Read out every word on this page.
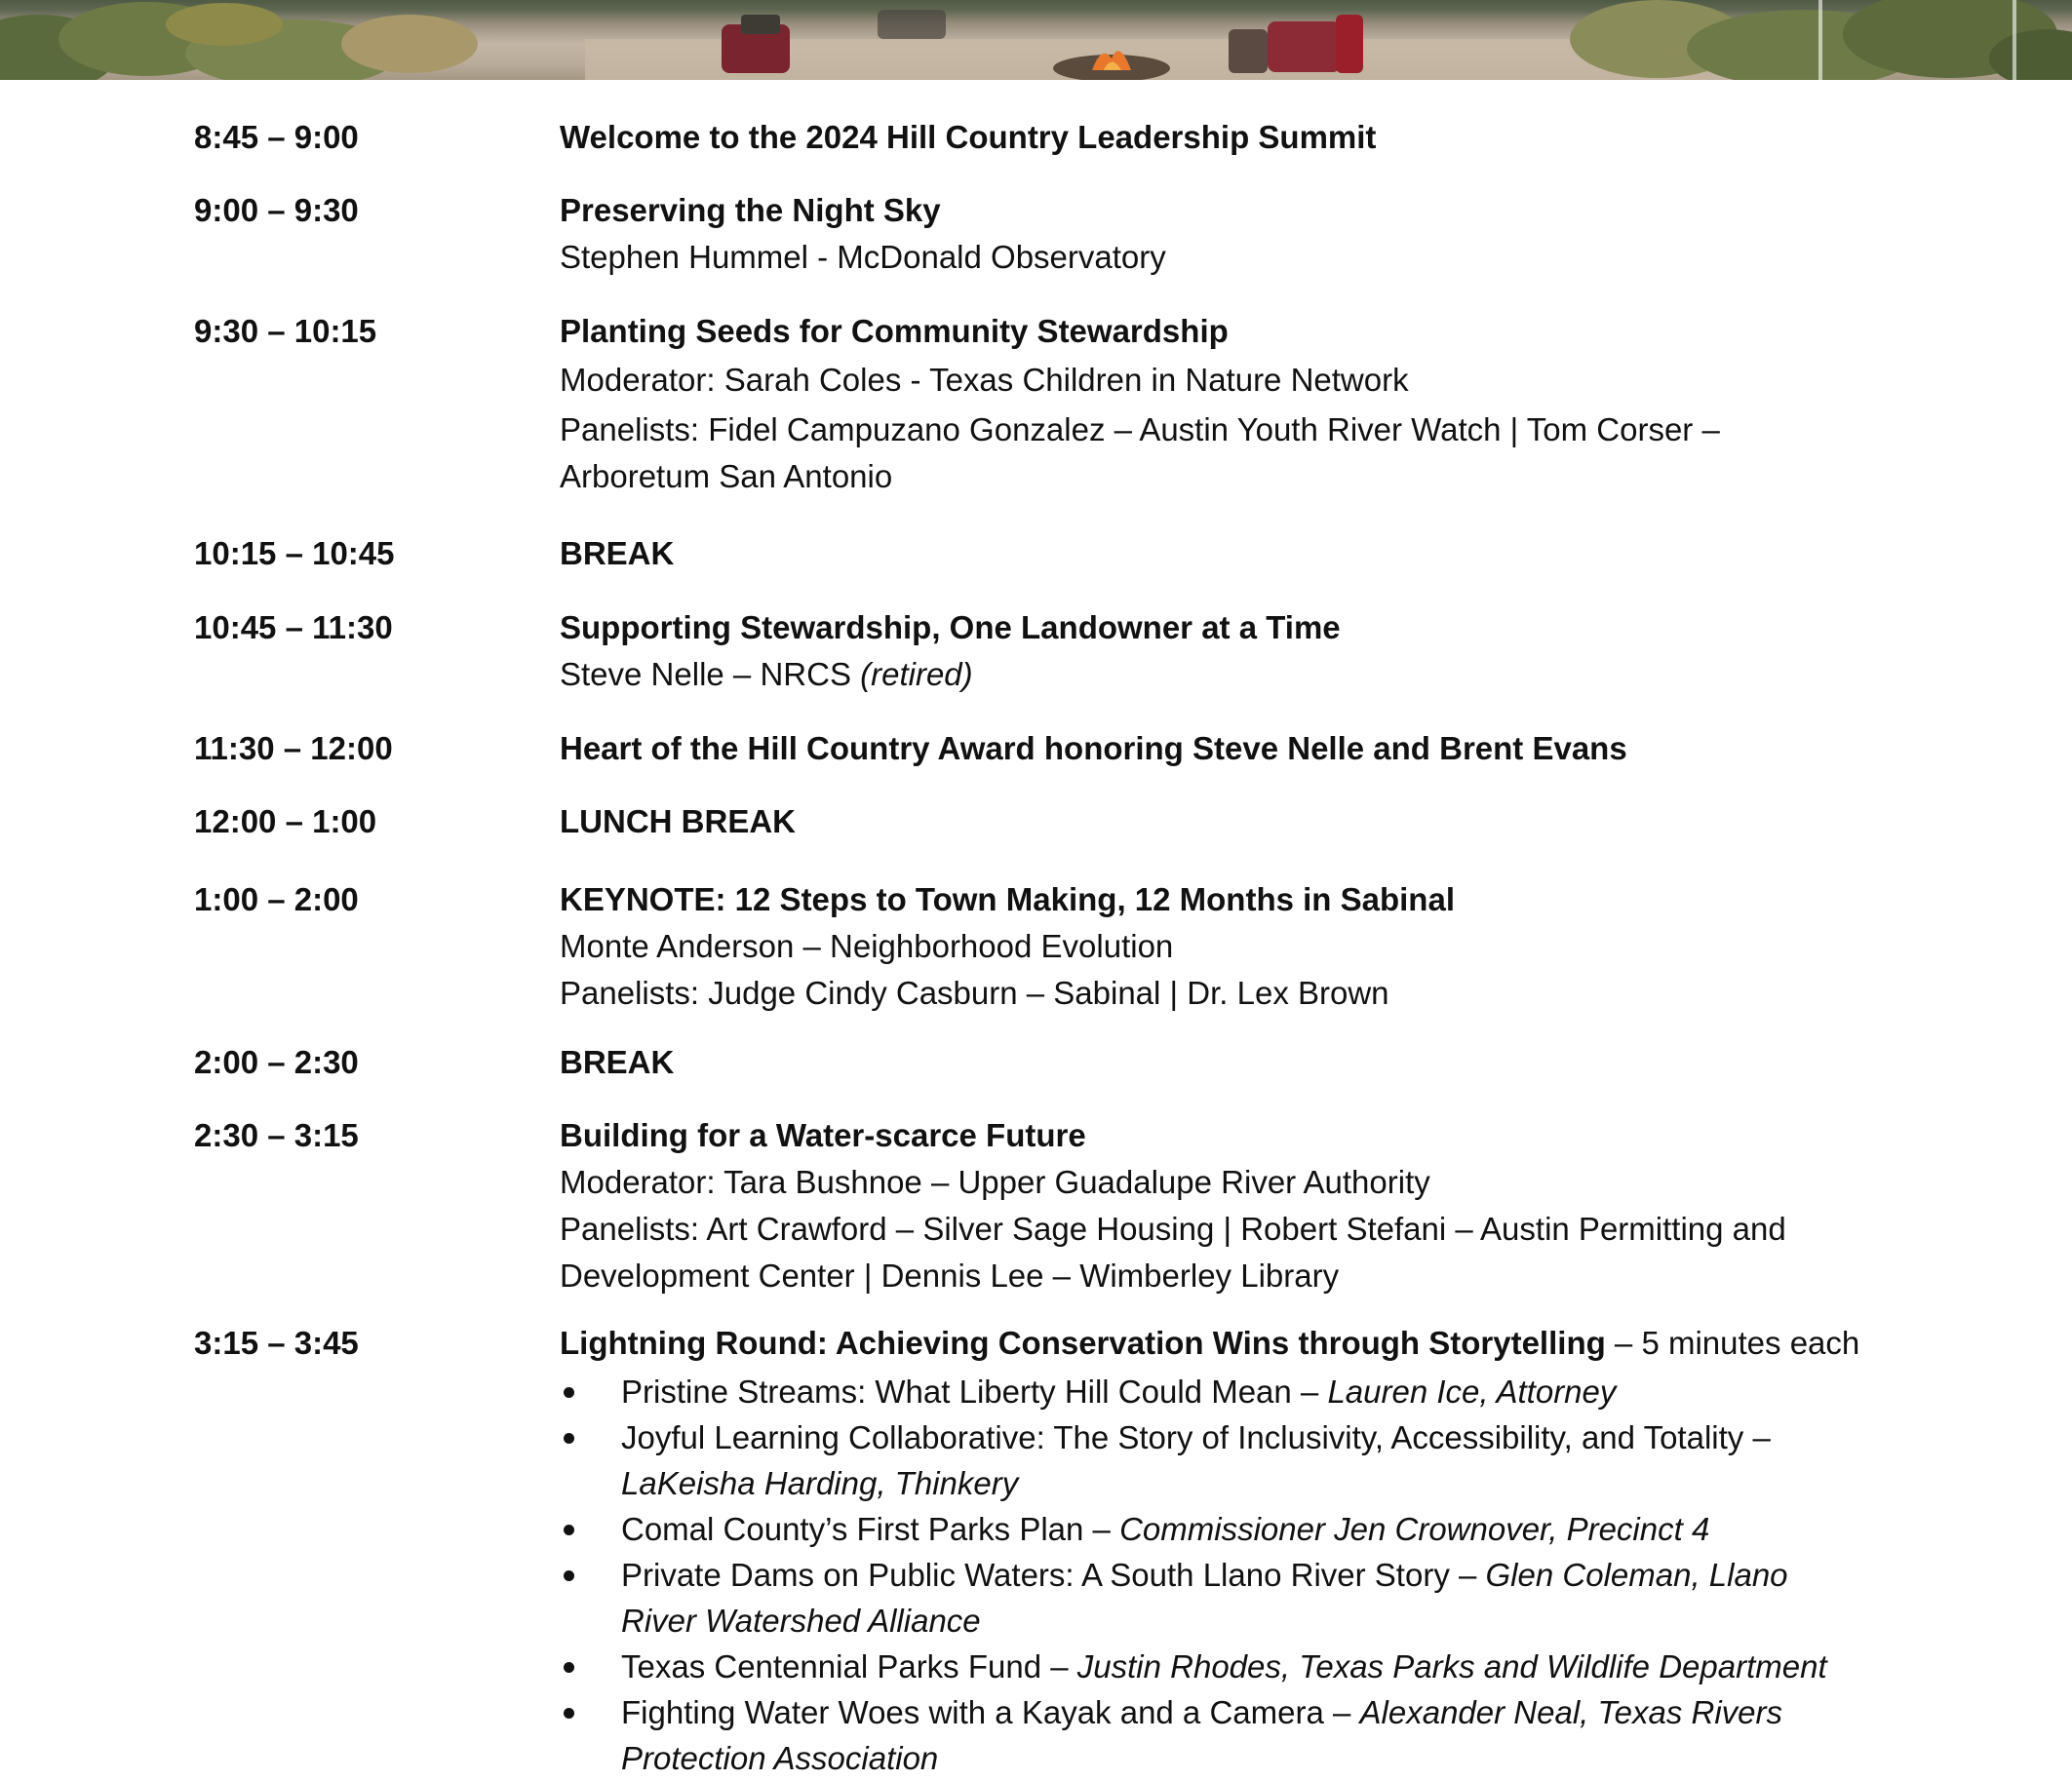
8:45 – 9:00	Welcome to the 2024 Hill Country Leadership Summit
9:00 – 9:30	Preserving the Night Sky
Stephen Hummel - McDonald Observatory
9:30 – 10:15	Planting Seeds for Community Stewardship
Moderator: Sarah Coles - Texas Children in Nature Network
Panelists: Fidel Campuzano Gonzalez – Austin Youth River Watch | Tom Corser –
Arboretum San Antonio
10:15 – 10:45	BREAK
10:45 – 11:30	Supporting Stewardship, One Landowner at a Time
Steve Nelle – NRCS (retired)
11:30 – 12:00	Heart of the Hill Country Award honoring Steve Nelle and Brent Evans
12:00 – 1:00	LUNCH BREAK
1:00 – 2:00	KEYNOTE: 12 Steps to Town Making, 12 Months in Sabinal
Monte Anderson – Neighborhood Evolution
Panelists: Judge Cindy Casburn – Sabinal | Dr. Lex Brown
2:00 – 2:30	BREAK
2:30 – 3:15	Building for a Water-scarce Future
Moderator: Tara Bushnoe – Upper Guadalupe River Authority
Panelists: Art Crawford – Silver Sage Housing | Robert Stefani – Austin Permitting and
Development Center | Dennis Lee – Wimberley Library
3:15 – 3:45	Lightning Round: Achieving Conservation Wins through Storytelling – 5 minutes each
Pristine Streams: What Liberty Hill Could Mean – Lauren Ice, Attorney
Joyful Learning Collaborative: The Story of Inclusivity, Accessibility, and Totality –
LaKeisha Harding, Thinkery
Comal County’s First Parks Plan – Commissioner Jen Crownover, Precinct 4
Private Dams on Public Waters: A South Llano River Story – Glen Coleman, Llano
River Watershed Alliance
Texas Centennial Parks Fund – Justin Rhodes, Texas Parks and Wildlife Department
Fighting Water Woes with a Kayak and a Camera – Alexander Neal, Texas Rivers
Protection Association
